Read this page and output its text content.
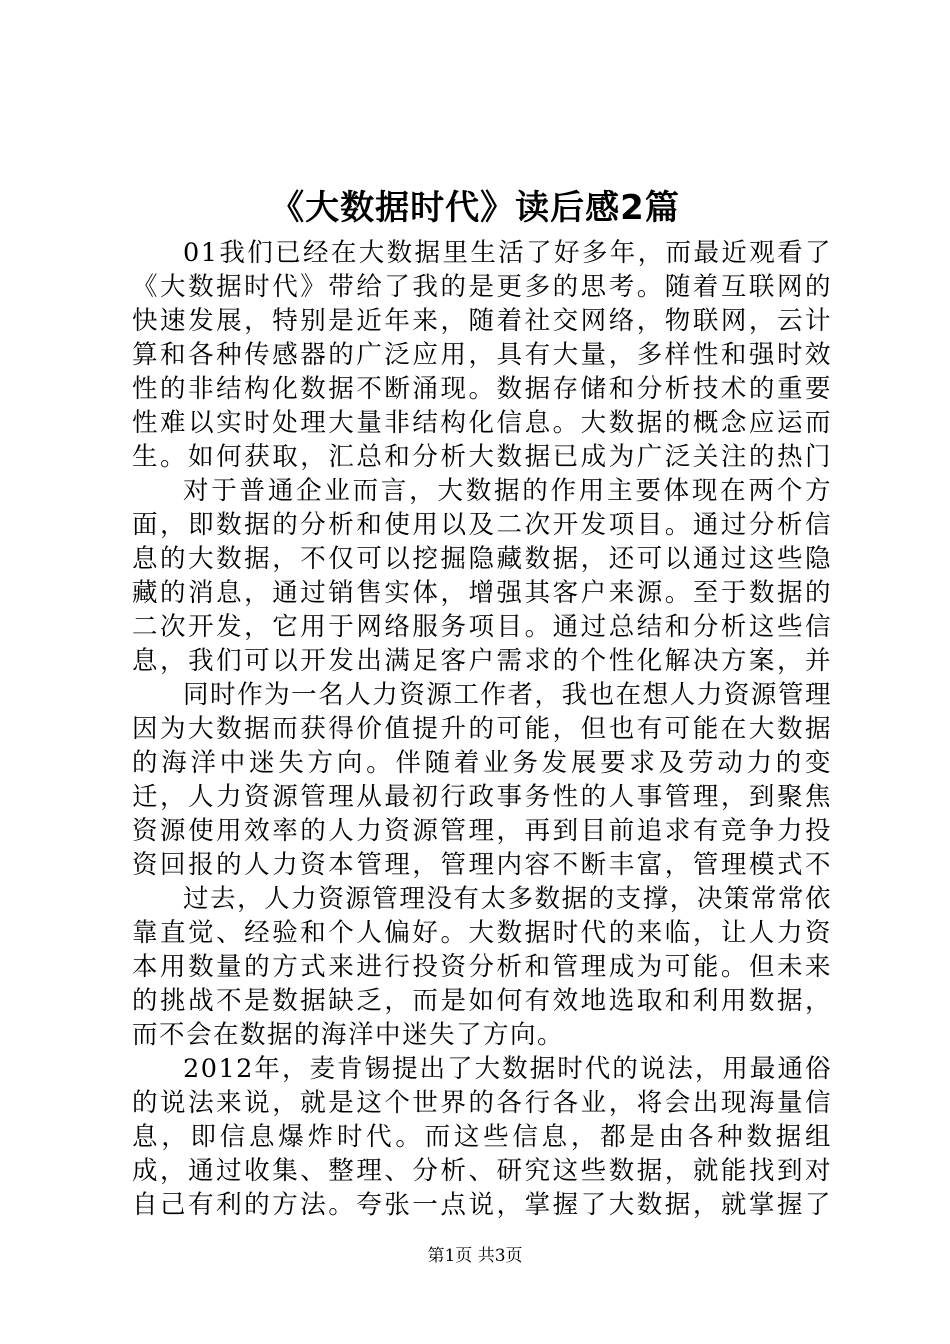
《大数据时代》读后感2篇

01我们已经在大数据里生活了好多年，而最近观看了《大数据时代》带给了我的是更多的思考。随着互联网的快速发展，特别是近年来，随着社交网络，物联网，云计算和各种传感器的广泛应用，具有大量，多样性和强时效性的非结构化数据不断涌现。数据存储和分析技术的重要性难以实时处理大量非结构化信息。大数据的概念应运而生。如何获取，汇总和分析大数据已成为广泛关注的热门

对于普通企业而言，大数据的作用主要体现在两个方面，即数据的分析和使用以及二次开发项目。通过分析信息的大数据，不仅可以挖掘隐藏数据，还可以通过这些隐藏的消息，通过销售实体，增强其客户来源。至于数据的二次开发，它用于网络服务项目。通过总结和分析这些信息，我们可以开发出满足客户需求的个性化解决方案，并

同时作为一名人力资源工作者，我也在想人力资源管理因为大数据而获得价值提升的可能，但也有可能在大数据的海洋中迷失方向。伴随着业务发展要求及劳动力的变迁，人力资源管理从最初行政事务性的人事管理，到聚焦资源使用效率的人力资源管理，再到目前追求有竞争力投资回报的人力资本管理，管理内容不断丰富，管理模式不

过去，人力资源管理没有太多数据的支撑，决策常常依靠直觉、经验和个人偏好。大数据时代的来临，让人力资本用数量的方式来进行投资分析和管理成为可能。但未来的挑战不是数据缺乏，而是如何有效地选取和利用数据，而不会在数据的海洋中迷失了方向。

2012年，麦肯锡提出了大数据时代的说法，用最通俗的说法来说，就是这个世界的各行各业，将会出现海量信息，即信息爆炸时代。而这些信息，都是由各种数据组成，通过收集、整理、分析、研究这些数据，就能找到对自己有利的方法。夸张一点说，掌握了大数据，就掌握了

第1页 共3页
